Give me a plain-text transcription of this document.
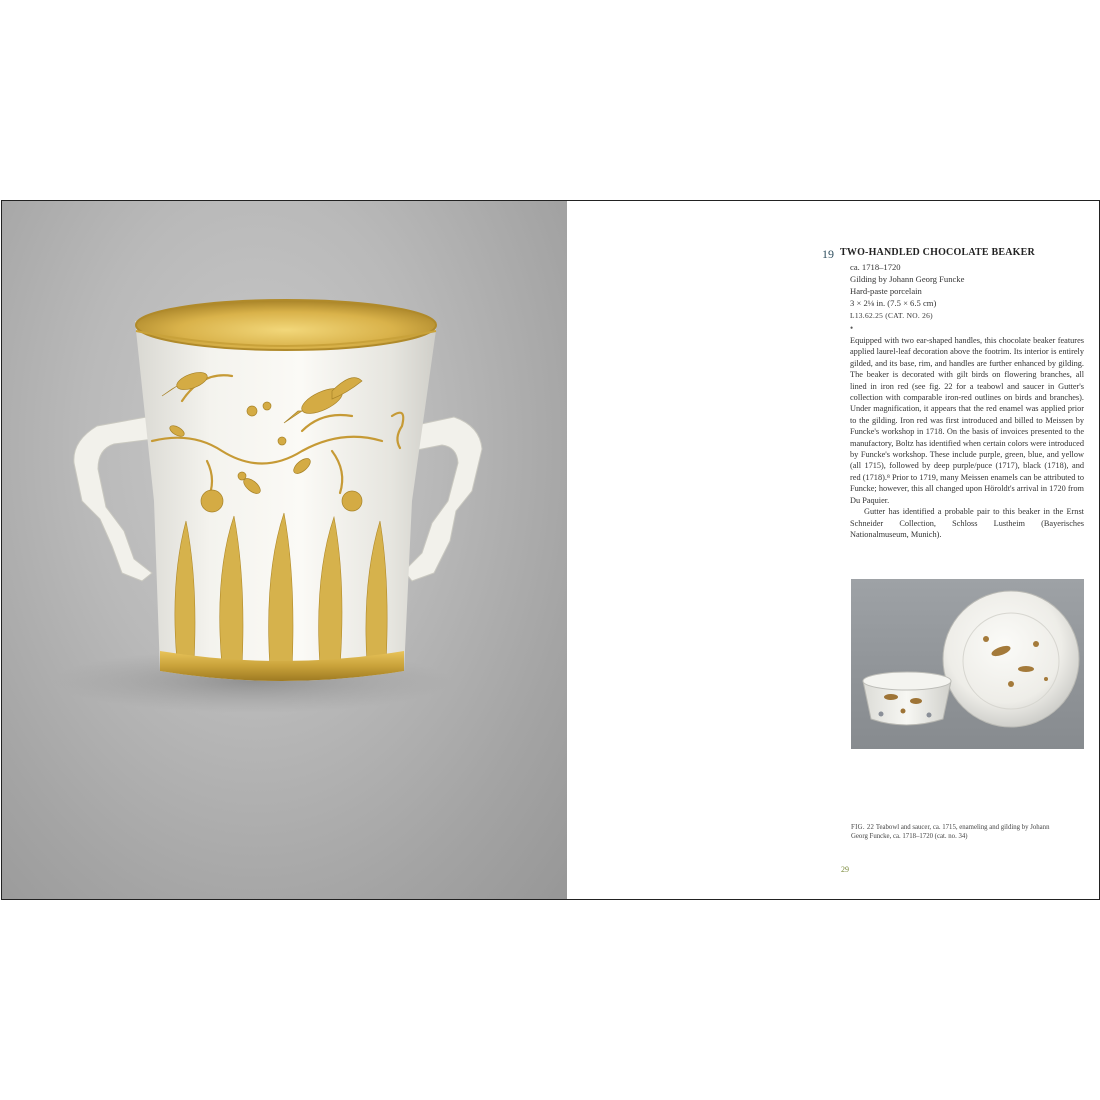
19 TWO-HANDLED CHOCOLATE BEAKER
ca. 1718–1720
Gilding by Johann Georg Funcke
Hard-paste porcelain
3 × 2⅛ in. (7.5 × 6.5 cm)
L13.62.25 (CAT. NO. 26)
•

Equipped with two ear-shaped handles, this chocolate beaker features applied laurel-leaf decoration above the footrim. Its interior is entirely gilded, and its base, rim, and handles are further enhanced by gilding. The beaker is decorated with gilt birds on flowering branches, all lined in iron red (see fig. 22 for a teabowl and saucer in Gutter's collection with comparable iron-red outlines on birds and branches). Under magnification, it appears that the red enamel was applied prior to the gilding. Iron red was first introduced and billed to Meissen by Funcke's workshop in 1718. On the basis of invoices presented to the manufactory, Boltz has identified when certain colors were introduced by Funcke's workshop. These include purple, green, blue, and yellow (all 1715), followed by deep purple/puce (1717), black (1718), and red (1718).⁸ Prior to 1719, many Meissen enamels can be attributed to Funcke; however, this all changed upon Höroldt's arrival in 1720 from Du Paquier.

Gutter has identified a probable pair to this beaker in the Ernst Schneider Collection, Schloss Lustheim (Bayerisches Nationalmuseum, Munich).

FIG. 22 Teabowl and saucer, ca. 1715, enameling and gilding by Johann Georg Funcke, ca. 1718–1720 (cat. no. 34)
29
